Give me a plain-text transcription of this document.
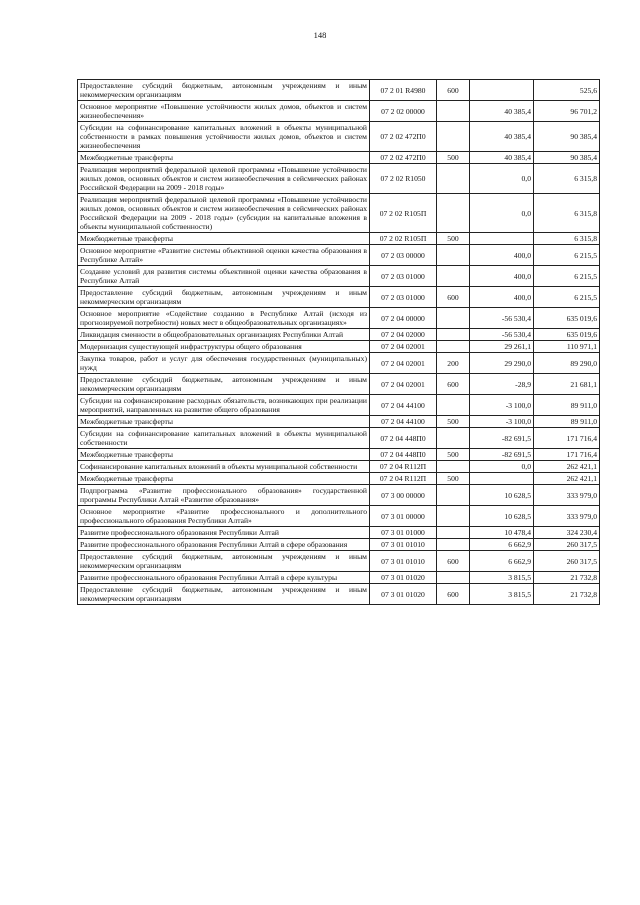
148
Предоставление субсидий бюджетным, автономным учреждениям и иным некоммерческим организациям	07 2 01 R4980	600		525,6
Основное мероприятие «Повышение устойчивости жилых домов, объектов и систем жизнеобеспечения»	07 2 02 00000		40 385,4	96 701,2
Субсидии на софинансирование капитальных вложений в объекты муниципальной собственности в рамках повышения устойчивости жилых домов, объектов и систем жизнеобеспечения	07 2 02 472П0		40 385,4	90 385,4
Межбюджетные трансферты	07 2 02 472П0	500	40 385,4	90 385,4
Реализация мероприятий федеральной целевой программы «Повышение устойчивости жилых домов, основных объектов и систем жизнеобеспечения в сейсмических районах Российской Федерации на 2009 - 2018 годы»	07 2 02 R1050		0,0	6 315,8
Реализация мероприятий федеральной целевой программы «Повышение устойчивости жилых домов, основных объектов и систем жизнеобеспечения в сейсмических районах Российской Федерации на 2009 - 2018 годы» (субсидии на капитальные вложения в объекты муниципальной собственности)	07 2 02 R105П		0,0	6 315,8
Межбюджетные трансферты	07 2 02 R105П	500		6 315,8
Основное мероприятие «Развитие системы объективной оценки качества образования в Республике Алтай»	07 2 03 00000		400,0	6 215,5
Создание условий для развития системы объективной оценки качества образования в Республике Алтай	07 2 03 01000		400,0	6 215,5
Предоставление субсидий бюджетным, автономным учреждениям и иным некоммерческим организациям	07 2 03 01000	600	400,0	6 215,5
Основное мероприятие «Содействие созданию в Республике Алтай (исходя из прогнозируемой потребности) новых мест в общеобразовательных организациях»	07 2 04 00000		-56 530,4	635 019,6
Ликвидация сменности в общеобразовательных организациях Республики Алтай	07 2 04 02000		-56 530,4	635 019,6
Модернизация существующей инфраструктуры общего образования	07 2 04 02001		29 261,1	110 971,1
Закупка товаров, работ и услуг для обеспечения государственных (муниципальных) нужд	07 2 04 02001	200	29 290,0	89 290,0
Предоставление субсидий бюджетным, автономным учреждениям и иным некоммерческим организациям	07 2 04 02001	600	-28,9	21 681,1
Субсидии на софинансирование расходных обязательств, возникающих при реализации мероприятий, направленных на развитие общего образования	07 2 04 44100		-3 100,0	89 911,0
Межбюджетные трансферты	07 2 04 44100	500	-3 100,0	89 911,0
Субсидии на софинансирование капитальных вложений в объекты муниципальной собственности	07 2 04 448П0		-82 691,5	171 716,4
Межбюджетные трансферты	07 2 04 448П0	500	-82 691,5	171 716,4
Софинансирование капитальных вложений в объекты муниципальной собственности	07 2 04 R112П		0,0	262 421,1
Межбюджетные трансферты	07 2 04 R112П	500		262 421,1
Подпрограмма «Развитие профессионального образования» государственной программы Республики Алтай «Развитие образования»	07 3 00 00000		10 628,5	333 979,0
Основное мероприятие «Развитие профессионального и дополнительного профессионального образования Республики Алтай»	07 3 01 00000		10 628,5	333 979,0
Развитие профессионального образования Республики Алтай	07 3 01 01000		10 478,4	324 230,4
Развитие профессионального образования Республики Алтай в сфере образования	07 3 01 01010		6 662,9	260 317,5
Предоставление субсидий бюджетным, автономным учреждениям и иным некоммерческим организациям	07 3 01 01010	600	6 662,9	260 317,5
Развитие профессионального образования Республики Алтай в сфере культуры	07 3 01 01020		3 815,5	21 732,8
Предоставление субсидий бюджетным, автономным учреждениям и иным некоммерческим организациям	07 3 01 01020	600	3 815,5	21 732,8
